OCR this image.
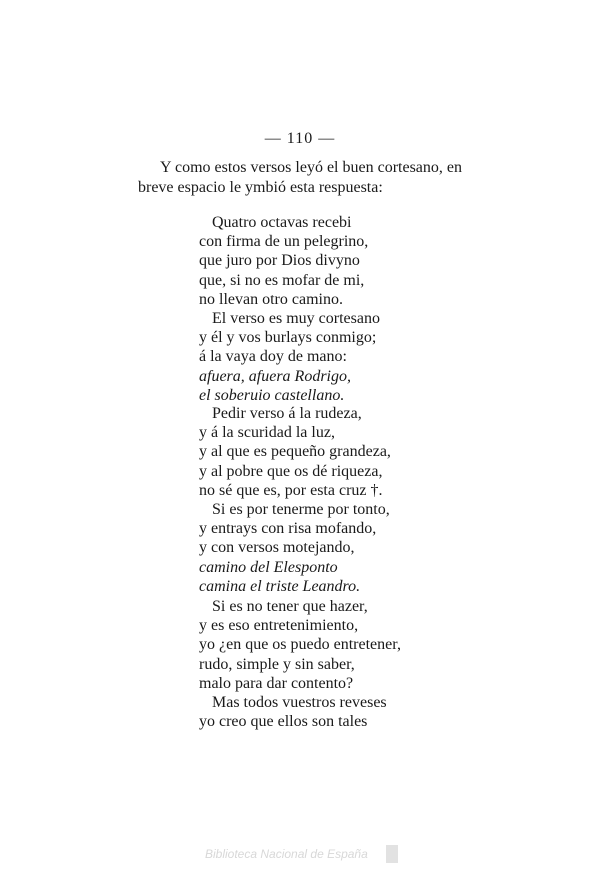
— 110 —
Y como estos versos leyó el buen cortesano, en
breve espacio le ymbió esta respuesta:
Quatro octavas recebi
con firma de un pelegrino,
que juro por Dios divyno
que, si no es mofar de mi,
no llevan otro camino.
El verso es muy cortesano
y él y vos burlays conmigo;
á la vaya doy de mano:
afuera, afuera Rodrigo,
el soberuio castellano.
Pedir verso á la rudeza,
y á la scuridad la luz,
y al que es pequeño grandeza,
y al pobre que os dé riqueza,
no sé que es, por esta cruz †.
Si es por tenerme por tonto,
y entrays con risa mofando,
y con versos motejando,
camino del Elesponto
camina el triste Leandro.
Si es no tener que hazer,
y es eso entretenimiento,
yo ¿en que os puedo entretener,
rudo, simple y sin saber,
malo para dar contento?
Mas todos vuestros reveses
yo creo que ellos son tales
Biblioteca Nacional de España
